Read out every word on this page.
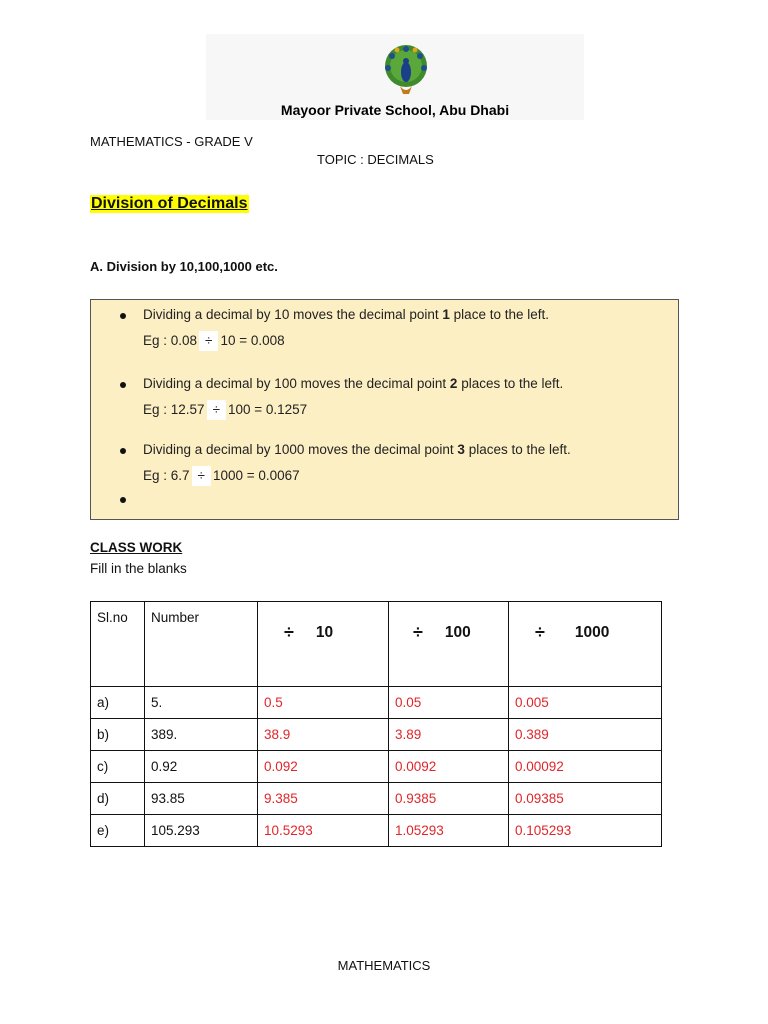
Mayoor Private School, Abu Dhabi
MATHEMATICS - GRADE V
TOPIC : DECIMALS
Division of Decimals
A. Division by 10,100,1000 etc.
Dividing a decimal by 10 moves the decimal point 1 place to the left.
Eg : 0.08 ÷ 10 = 0.008
Dividing a decimal by 100 moves the decimal point 2 places to the left.
Eg : 12.57 ÷ 100 = 0.1257
Dividing a decimal by 1000 moves the decimal point 3 places to the left.
Eg : 6.7 ÷ 1000 = 0.0067
CLASS WORK
Fill in the blanks
Sl.no	Number	÷ 10	÷ 100	÷ 1000

a)	5.	0.5	0.05	0.005
b)	389.	38.9	3.89	0.389
c)	0.92	0.092	0.0092	0.00092
d)	93.85	9.385	0.9385	0.09385
e)	105.293	10.5293	1.05293	0.105293
MATHEMATICS
